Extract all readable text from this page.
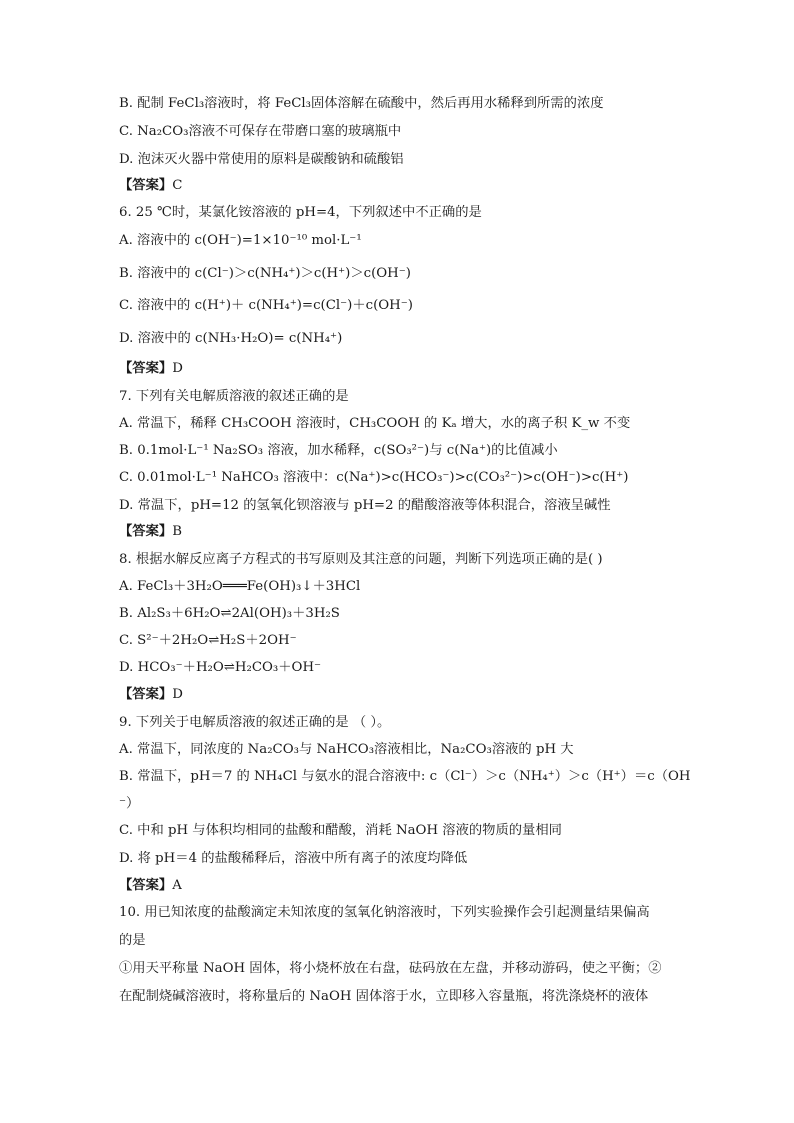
B. 配制 FeCl₃溶液时，将 FeCl₃固体溶解在硫酸中，然后再用水稀释到所需的浓度
C. Na₂CO₃溶液不可保存在带磨口塞的玻璃瓶中
D. 泡沫灭火器中常使用的原料是碳酸钠和硫酸铝
【答案】C
6. 25 ℃时，某氯化铵溶液的 pH=4，下列叙述中不正确的是
A. 溶液中的 c(OH⁻)=1×10⁻¹⁰ mol·L⁻¹
B. 溶液中的 c(Cl⁻)＞c(NH₄⁺)＞c(H⁺)＞c(OH⁻)
C. 溶液中的 c(H⁺)＋ c(NH₄⁺)=c(Cl⁻)＋c(OH⁻)
D. 溶液中的 c(NH₃·H₂O)= c(NH₄⁺)
【答案】D
7. 下列有关电解质溶液的叙述正确的是
A. 常温下，稀释 CH₃COOH 溶液时，CH₃COOH 的 Kₐ 增大，水的离子积 K_w 不变
B. 0.1mol·L⁻¹ Na₂SO₃ 溶液，加水稀释，c(SO₃²⁻)与 c(Na⁺)的比值减小
C. 0.01mol·L⁻¹ NaHCO₃ 溶液中：c(Na⁺)>c(HCO₃⁻)>c(CO₃²⁻)>c(OH⁻)>c(H⁺)
D. 常温下，pH=12 的氢氧化钡溶液与 pH=2 的醋酸溶液等体积混合，溶液呈碱性
【答案】B
8. 根据水解反应离子方程式的书写原则及其注意的问题，判断下列选项正确的是( )
A. FeCl₃＋3H₂O═══Fe(OH)₃↓＋3HCl
B. Al₂S₃＋6H₂O⇌2Al(OH)₃＋3H₂S
C. S²⁻＋2H₂O⇌H₂S＋2OH⁻
D. HCO₃⁻＋H₂O⇌H₂CO₃＋OH⁻
【答案】D
9. 下列关于电解质溶液的叙述正确的是 （ ）。
A. 常温下，同浓度的 Na₂CO₃与 NaHCO₃溶液相比，Na₂CO₃溶液的 pH 大
B. 常温下，pH＝7 的 NH₄Cl 与氨水的混合溶液中: c（Cl⁻）＞c（NH₄⁺）＞c（H⁺）＝c（OH
⁻）
C. 中和 pH 与体积均相同的盐酸和醋酸，消耗 NaOH 溶液的物质的量相同
D. 将 pH＝4 的盐酸稀释后，溶液中所有离子的浓度均降低
【答案】A
10. 用已知浓度的盐酸滴定未知浓度的氢氧化钠溶液时，下列实验操作会引起测量结果偏高
的是
①用天平称量 NaOH 固体，将小烧杯放在右盘，砝码放在左盘，并移动游码，使之平衡；②
在配制烧碱溶液时，将称量后的 NaOH 固体溶于水，立即移入容量瓶，将洗涤烧杯的液体
